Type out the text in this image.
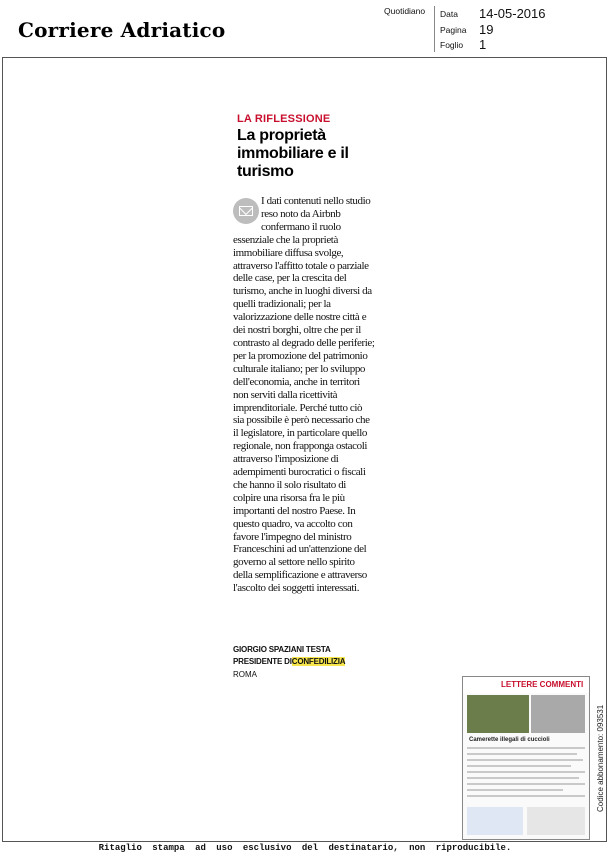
Corriere Adriatico
Quotidiano Data 14-05-2016
Pagina 19
Foglio 1
LA RIFLESSIONE
La proprietà immobiliare e il turismo

I dati contenuti nello studio reso noto da Airbnb confermano il ruolo essenziale che la proprietà immobiliare diffusa svolge, attraverso l'affitto totale o parziale delle case, per la crescita del turismo, anche in luoghi diversi da quelli tradizionali; per la valorizzazione delle nostre città e dei nostri borghi, oltre che per il contrasto al degrado delle periferie; per la promozione del patrimonio culturale italiano; per lo sviluppo dell'economia, anche in territori non serviti dalla ricettività imprenditoriale. Perché tutto ciò sia possibile è però necessario che il legislatore, in particolare quello regionale, non frapponga ostacoli attraverso l'imposizione di adempimenti burocratici o fiscali che hanno il solo risultato di colpire una risorsa fra le più importanti del nostro Paese. In questo quadro, va accolto con favore l'impegno del ministro Franceschini ad un'attenzione del governo al settore nello spirito della semplificazione e attraverso l'ascolto dei soggetti interessati.

GIORGIO SPAZIANI TESTA
PRESIDENTE DICONFEDILIZIA
ROMA
LETTERE COMMENTI
Camerette illegali di cuccioli	Codice abbonamento: 093531
Ritaglio stampa ad uso esclusivo del destinatario, non riproducibile.
